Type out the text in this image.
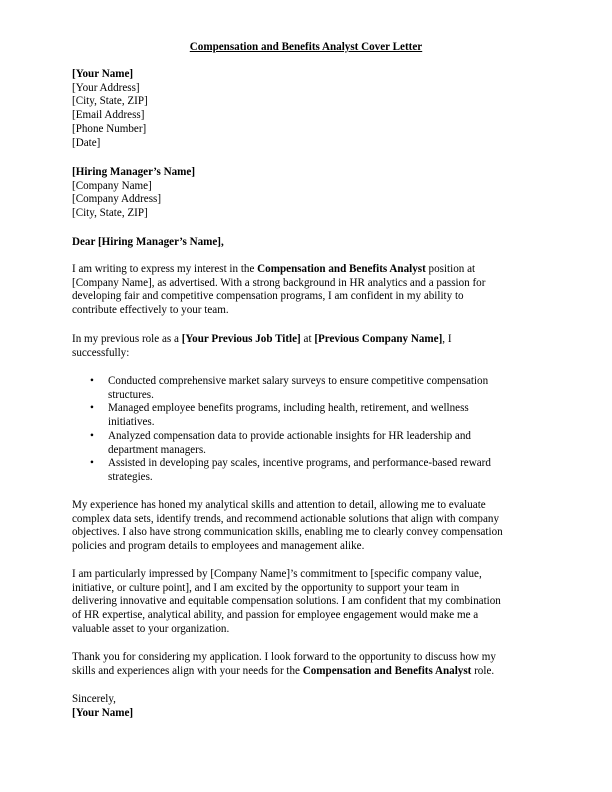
Compensation and Benefits Analyst Cover Letter
[Your Name]
[Your Address]
[City, State, ZIP]
[Email Address]
[Phone Number]
[Date]
[Hiring Manager’s Name]
[Company Name]
[Company Address]
[City, State, ZIP]
Dear [Hiring Manager’s Name],
I am writing to express my interest in the Compensation and Benefits Analyst position at
[Company Name], as advertised. With a strong background in HR analytics and a passion for
developing fair and competitive compensation programs, I am confident in my ability to
contribute effectively to your team.
In my previous role as a [Your Previous Job Title] at [Previous Company Name], I
successfully:
• Conducted comprehensive market salary surveys to ensure competitive compensation
structures.
• Managed employee benefits programs, including health, retirement, and wellness
initiatives.
• Analyzed compensation data to provide actionable insights for HR leadership and
department managers.
• Assisted in developing pay scales, incentive programs, and performance-based reward
strategies.
My experience has honed my analytical skills and attention to detail, allowing me to evaluate
complex data sets, identify trends, and recommend actionable solutions that align with company
objectives. I also have strong communication skills, enabling me to clearly convey compensation
policies and program details to employees and management alike.
I am particularly impressed by [Company Name]’s commitment to [specific company value,
initiative, or culture point], and I am excited by the opportunity to support your team in
delivering innovative and equitable compensation solutions. I am confident that my combination
of HR expertise, analytical ability, and passion for employee engagement would make me a
valuable asset to your organization.
Thank you for considering my application. I look forward to the opportunity to discuss how my
skills and experiences align with your needs for the Compensation and Benefits Analyst role.
Sincerely,
[Your Name]
